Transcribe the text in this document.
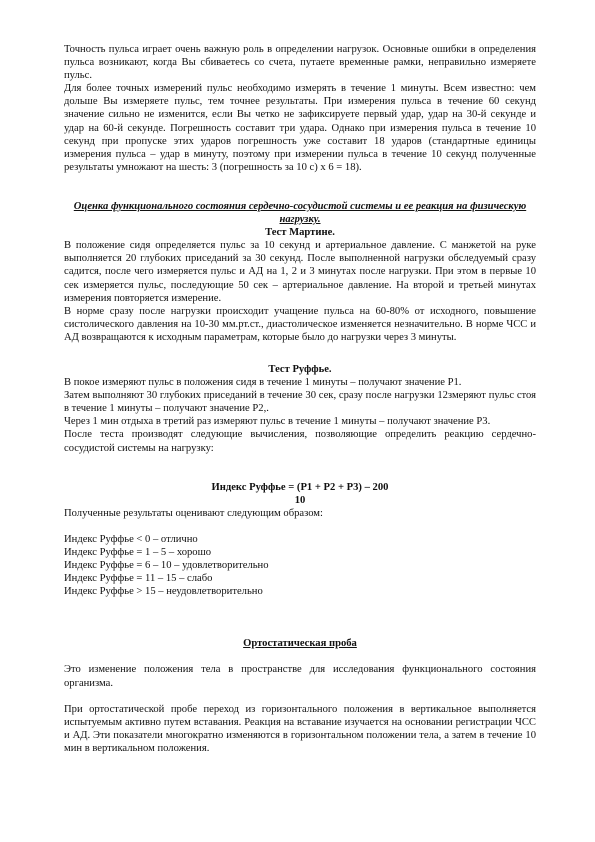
Точность пульса играет очень важную роль в определении нагрузок. Основные ошибки в определения пульса возникают, когда Вы сбиваетесь со счета, путаете временные рамки, неправильно измеряете пульс.

Для более точных измерений пульс необходимо измерять в течение 1 минуты. Всем известно: чем дольше Вы измеряете пульс, тем точнее результаты. При измерения пульса в течение 60 секунд значение сильно не изменится, если Вы четко не зафиксируете первый удар, удар на 30-й секунде и удар на 60-й секунде. Погрешность составит три удара. Однако при измерения пульса в течение 10 секунд при пропуске этих ударов погрешность уже составит 18 ударов (стандартные единицы измерения пульса – удар в минуту, поэтому при измерении пульса в течение 10 секунд полученные результаты умножают на шесть: 3 (погрешность за 10 с) х 6 = 18).

Оценка функционального состояния сердечно-сосудистой системы и ее реакция на физическую нагрузку.

Тест Мартине.

В положение сидя определяется пульс за 10 секунд и артериальное давление. С манжетой на руке выполняется 20 глубоких приседаний за 30 секунд. После выполненной нагрузки обследуемый сразу садится, после чего измеряется пульс и АД на 1, 2 и 3 минутах после нагрузки. При этом в первые 10 сек измеряется пульс, последующие 50 сек – артериальное давление. На второй и третьей минутах измерения повторяется измерение.

В норме сразу после нагрузки происходит учащение пульса на 60-80% от исходного, повышение систолического давления на 10-30 мм.рт.ст., диастолическое изменяется незначительно. В норме ЧСС и АД возвращаются к исходным параметрам, которые было до нагрузки через 3 минуты.

Тест Руффье.

В покое измеряют пульс в положения сидя в течение 1 минуты – получают значение Р1.

Затем выполняют 30 глубоких приседаний в течение 30 сек, сразу после нагрузки 12змеряют пульс стоя в течение 1 минуты – получают значение Р2,.

Через 1 мин отдыха в третий раз измеряют пульс в течение 1 минуты – получают значение Р3.

После теста производят следующие вычисления, позволяющие определить реакцию сердечно-сосудистой системы на нагрузку:

Индекс Руффье = (Р1 + Р2 + Р3) – 200

10

Полученные результаты оценивают следующим образом:

Индекс Руффье < 0 – отлично

Индекс Руффье = 1 – 5 – хорошо

Индекс Руффье = 6 – 10 – удовлетворительно

Индекс Руффье = 11 – 15 – слабо

Индекс Руффье > 15 – неудовлетворительно

Ортостатическая проба

Это изменение положения тела в пространстве для исследования функционального состояния организма.

При ортостатической пробе переход из горизонтального положения в вертикальное выполняется испытуемым активно путем вставания. Реакция на вставание изучается на основании регистрации ЧСС и АД. Эти показатели многократно изменяются в горизонтальном положении тела, а затем в течение 10 мин в вертикальном положения.
